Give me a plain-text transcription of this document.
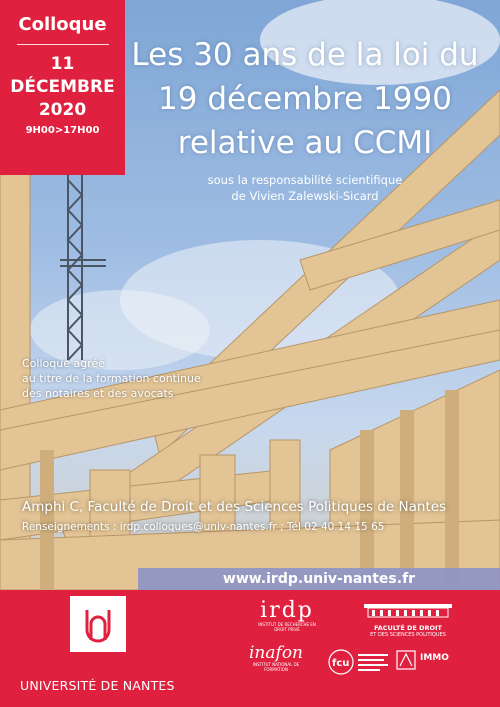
Colloque
11
DÉCEMBRE
2020
9H00>17H00
Les 30 ans de la loi du
19 décembre 1990
relative au CCMI
sous la responsabilité scientifique
de Vivien Zalewski-Sicard
Colloque agréé
au titre de la formation continue
des notaires et des avocats
Amphi C, Faculté de Droit et des Sciences Politiques de Nantes
Renseignements : irdp.colloques@univ-nantes.fr ; Tél 02 40 14 15 65
www.irdp.univ-nantes.fr
UNIVERSITÉ DE NANTES
irdp
INSTITUT DE RECHERCHE EN DROIT PRIVÉ	FACULTÉ DE DROIT
ET DES SCIENCES POLITIQUES
inafon
INSTITUT NATIONAL DE FORMATION
fcu	IMMO
